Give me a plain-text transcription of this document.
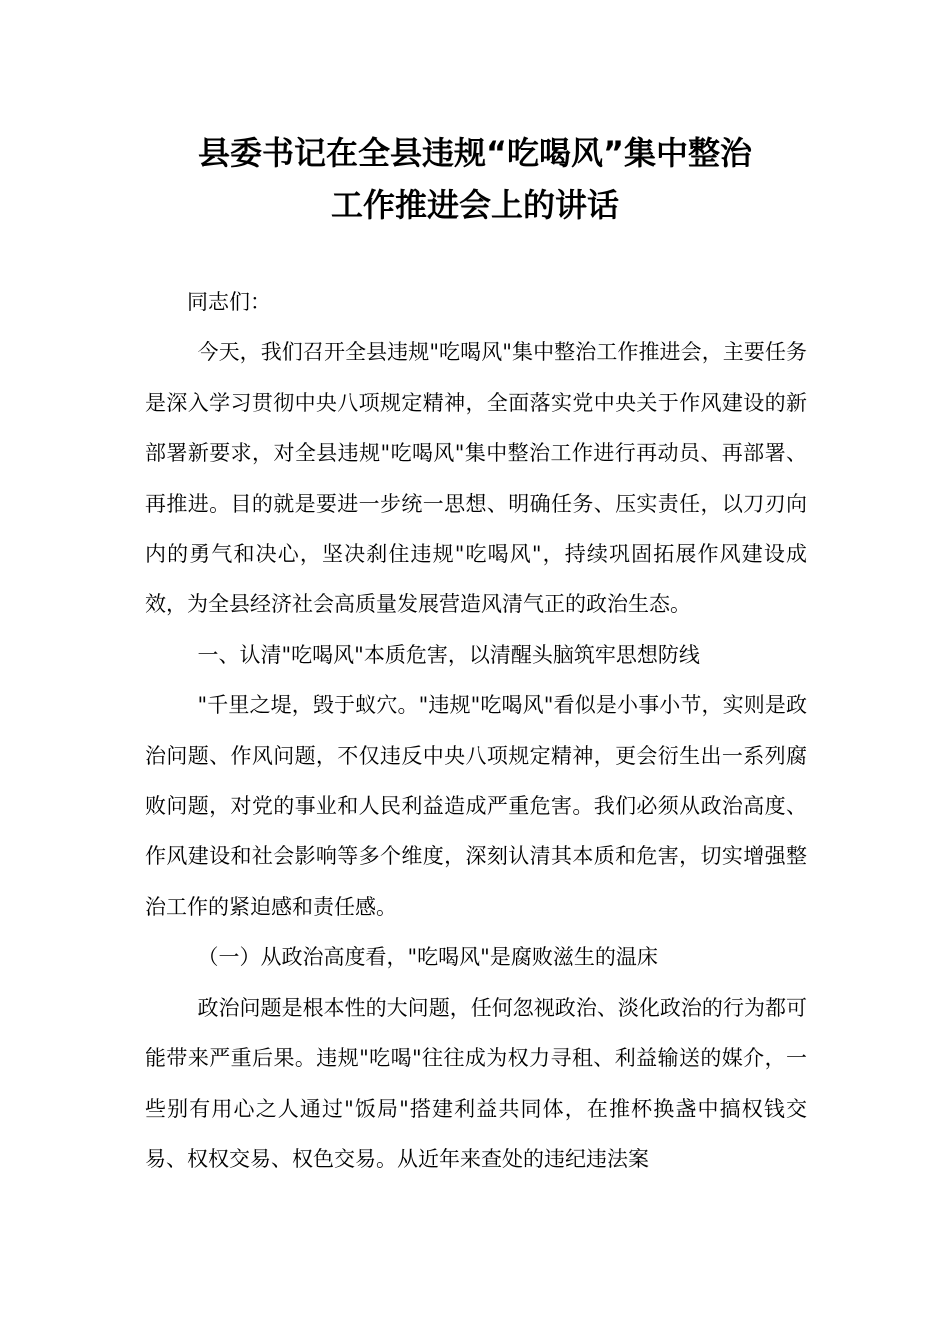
县委书记在全县违规“吃喝风”集中整治
工作推进会上的讲话

同志们：

今天，我们召开全县违规"吃喝风"集中整治工作推进会，主要任务是深入学习贯彻中央八项规定精神，全面落实党中央关于作风建设的新部署新要求，对全县违规"吃喝风"集中整治工作进行再动员、再部署、再推进。目的就是要进一步统一思想、明确任务、压实责任，以刀刃向内的勇气和决心，坚决刹住违规"吃喝风"，持续巩固拓展作风建设成效，为全县经济社会高质量发展营造风清气正的政治生态。

一、认清"吃喝风"本质危害，以清醒头脑筑牢思想防线

"千里之堤，毁于蚁穴。"违规"吃喝风"看似是小事小节，实则是政治问题、作风问题，不仅违反中央八项规定精神，更会衍生出一系列腐败问题，对党的事业和人民利益造成严重危害。我们必须从政治高度、作风建设和社会影响等多个维度，深刻认清其本质和危害，切实增强整治工作的紧迫感和责任感。

（一）从政治高度看，"吃喝风"是腐败滋生的温床

政治问题是根本性的大问题，任何忽视政治、淡化政治的行为都可能带来严重后果。违规"吃喝"往往成为权力寻租、利益输送的媒介，一些别有用心之人通过"饭局"搭建利益共同体，在推杯换盏中搞权钱交易、权权交易、权色交易。从近年来查处的违纪违法案
